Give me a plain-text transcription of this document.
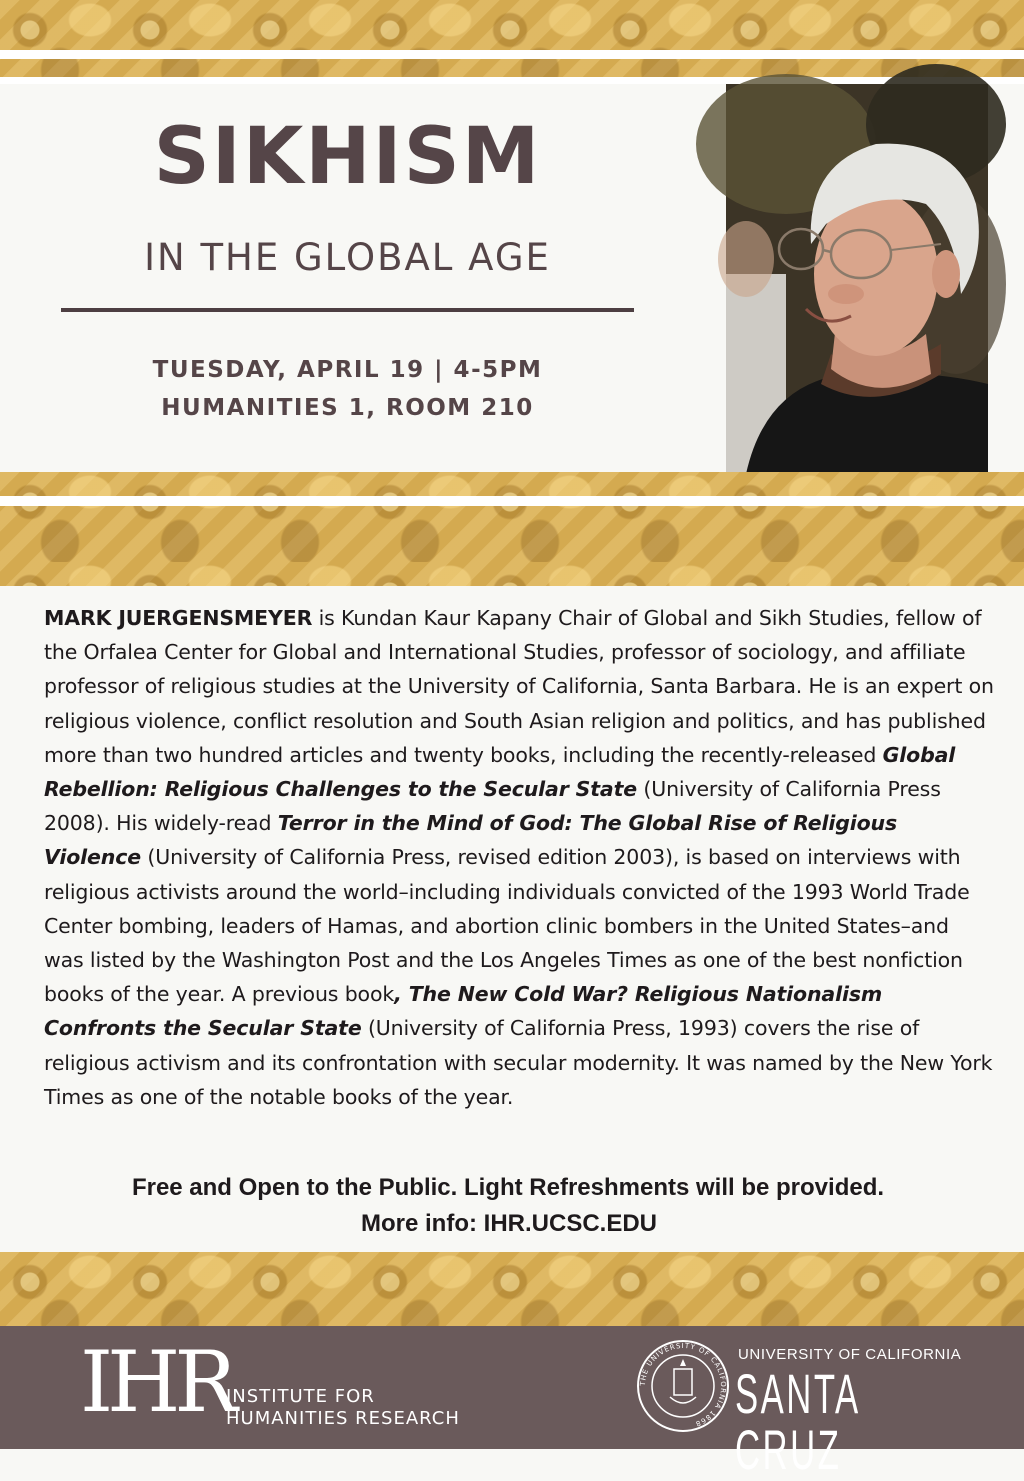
SIKHISM
IN THE GLOBAL AGE
TUESDAY, APRIL 19 | 4-5PM
HUMANITIES 1, ROOM 210
MARK JUERGENSMEYER is Kundan Kaur Kapany Chair of Global and Sikh Studies, fellow of the Orfalea Center for Global and International Studies, professor of sociology, and affiliate professor of religious studies at the University of California, Santa Barbara. He is an expert on religious violence, conflict resolution and South Asian religion and politics, and has published more than two hundred articles and twenty books, including the recently-released Global Rebellion: Religious Challenges to the Secular State (University of California Press 2008). His widely-read Terror in the Mind of God: The Global Rise of Religious Violence (University of California Press, revised edition 2003), is based on interviews with religious activists around the world–including individuals convicted of the 1993 World Trade Center bombing, leaders of Hamas, and abortion clinic bombers in the United States–and was listed by the Washington Post and the Los Angeles Times as one of the best nonfiction books of the year. A previous book, The New Cold War? Religious Nationalism Confronts the Secular State (University of California Press, 1993) covers the rise of religious activism and its confrontation with secular modernity. It was named by the New York Times as one of the notable books of the year.
Free and Open to the Public. Light Refreshments will be provided.
More info: IHR.UCSC.EDU
IHR
INSTITUTE FOR
HUMANITIES RESEARCH
THE UNIVERSITY OF CALIFORNIA 1868
UNIVERSITY OF CALIFORNIA
SANTA CRUZ
